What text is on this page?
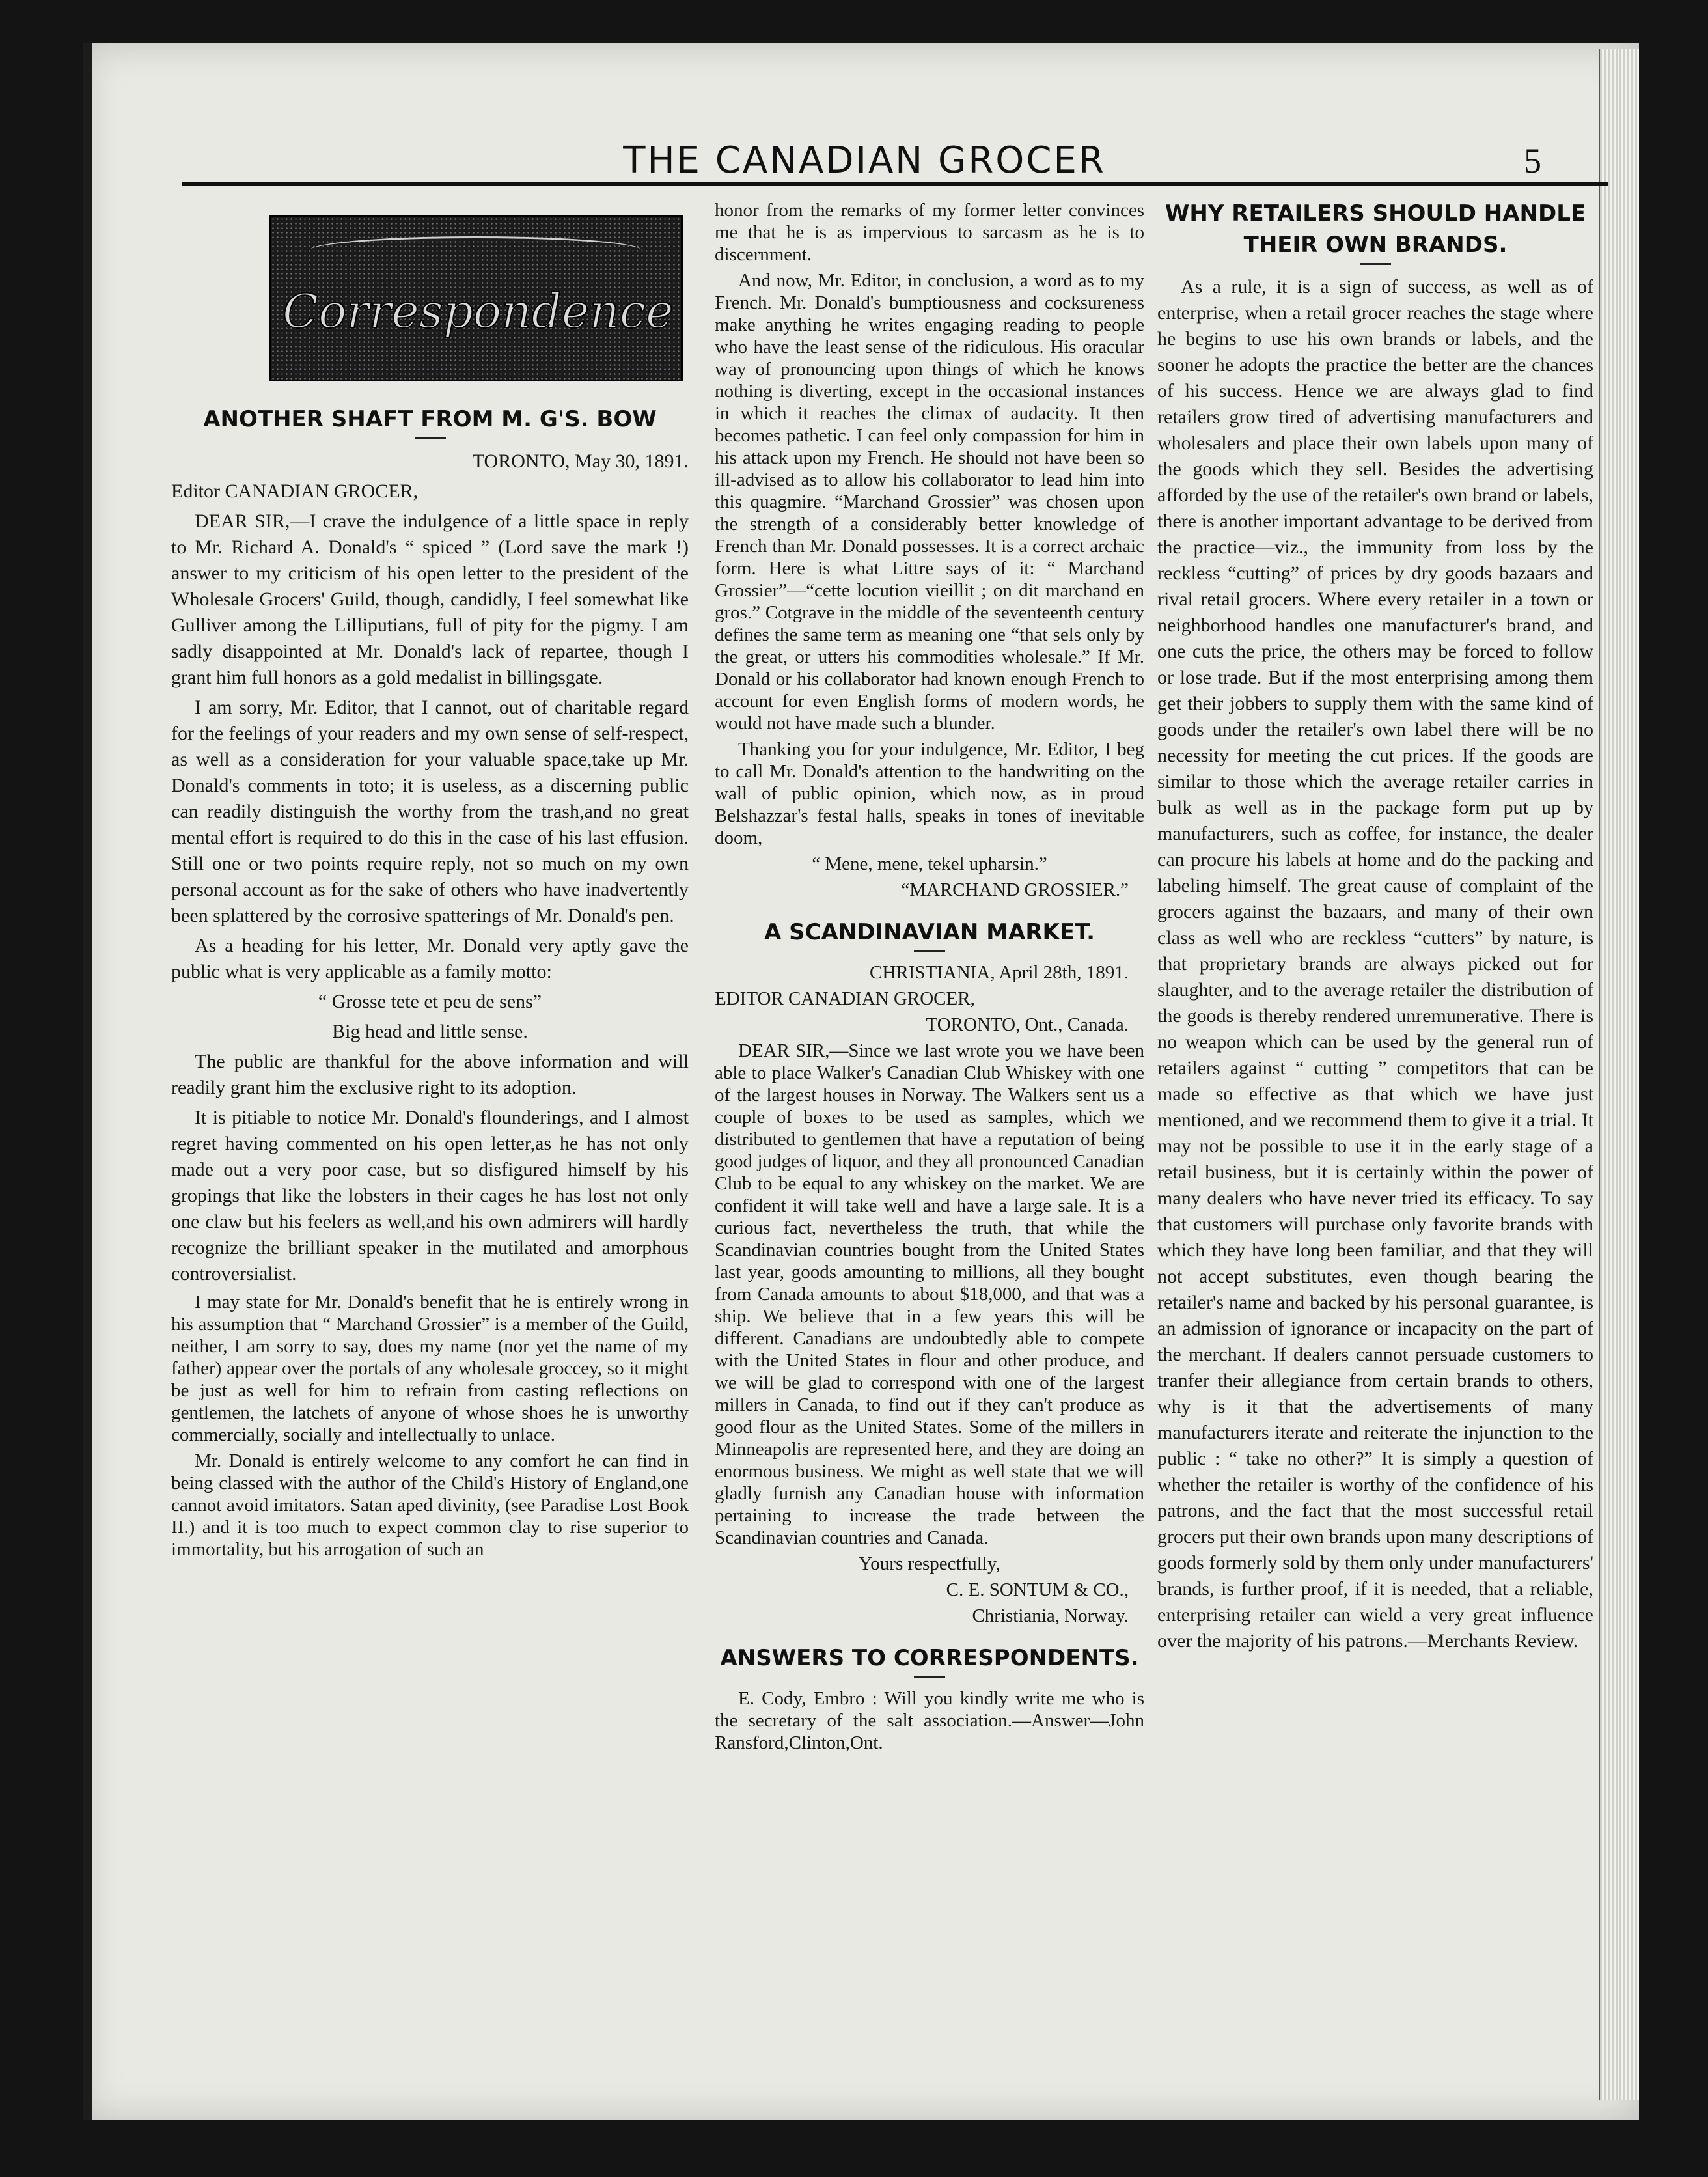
THE CANADIAN GROCER	5
Correspondence
ANOTHER SHAFT FROM M. G'S. BOW

TORONTO, May 30, 1891.

Editor CANADIAN GROCER,

DEAR SIR,—I crave the indulgence of a little space in reply to Mr. Richard A. Donald's “ spiced ” (Lord save the mark !) answer to my criticism of his open letter to the president of the Wholesale Grocers' Guild, though, candidly, I feel somewhat like Gulliver among the Lilliputians, full of pity for the pigmy. I am sadly disappointed at Mr. Donald's lack of repartee, though I grant him full honors as a gold medalist in billingsgate.

I am sorry, Mr. Editor, that I cannot, out of charitable regard for the feelings of your readers and my own sense of self-respect, as well as a consideration for your valuable space,take up Mr. Donald's comments in toto; it is useless, as a discerning public can readily distinguish the worthy from the trash,and no great mental effort is required to do this in the case of his last effusion. Still one or two points require reply, not so much on my own personal account as for the sake of others who have inadvertently been splattered by the corrosive spatterings of Mr. Donald's pen.

As a heading for his letter, Mr. Donald very aptly gave the public what is very applicable as a family motto:

“ Grosse tete et peu de sens”

Big head and little sense.

The public are thankful for the above information and will readily grant him the exclusive right to its adoption.

It is pitiable to notice Mr. Donald's flounderings, and I almost regret having commented on his open letter,as he has not only made out a very poor case, but so disfigured himself by his gropings that like the lobsters in their cages he has lost not only one claw but his feelers as well,and his own admirers will hardly recognize the brilliant speaker in the mutilated and amorphous controversialist.

I may state for Mr. Donald's benefit that he is entirely wrong in his assumption that “ Marchand Grossier” is a member of the Guild, neither, I am sorry to say, does my name (nor yet the name of my father) appear over the portals of any wholesale groccey, so it might be just as well for him to refrain from casting reflections on gentlemen, the latchets of anyone of whose shoes he is unworthy commercially, socially and intellectually to unlace.

Mr. Donald is entirely welcome to any comfort he can find in being classed with the author of the Child's History of England,one cannot avoid imitators. Satan aped divinity, (see Paradise Lost Book II.) and it is too much to expect common clay to rise superior to immortality, but his arrogation of such an

honor from the remarks of my former letter convinces me that he is as impervious to sarcasm as he is to discernment.

And now, Mr. Editor, in conclusion, a word as to my French. Mr. Donald's bumptiousness and cocksureness make anything he writes engaging reading to people who have the least sense of the ridiculous. His oracular way of pronouncing upon things of which he knows nothing is diverting, except in the occasional instances in which it reaches the climax of audacity. It then becomes pathetic. I can feel only compassion for him in his attack upon my French. He should not have been so ill-advised as to allow his collaborator to lead him into this quagmire. “Marchand Grossier” was chosen upon the strength of a considerably better knowledge of French than Mr. Donald possesses. It is a correct archaic form. Here is what Littre says of it: “ Marchand Grossier”—“cette locution vieillit ; on dit marchand en gros.” Cotgrave in the middle of the seventeenth century defines the same term as meaning one “that sels only by the great, or utters his commodities wholesale.” If Mr. Donald or his collaborator had known enough French to account for even English forms of modern words, he would not have made such a blunder.

Thanking you for your indulgence, Mr. Editor, I beg to call Mr. Donald's attention to the handwriting on the wall of public opinion, which now, as in proud Belshazzar's festal halls, speaks in tones of inevitable doom,

“ Mene, mene, tekel upharsin.”

“MARCHAND GROSSIER.”

A SCANDINAVIAN MARKET.

CHRISTIANIA, April 28th, 1891.

EDITOR CANADIAN GROCER,

TORONTO, Ont., Canada.

DEAR SIR,—Since we last wrote you we have been able to place Walker's Canadian Club Whiskey with one of the largest houses in Norway. The Walkers sent us a couple of boxes to be used as samples, which we distributed to gentlemen that have a reputation of being good judges of liquor, and they all pronounced Canadian Club to be equal to any whiskey on the market. We are confident it will take well and have a large sale. It is a curious fact, nevertheless the truth, that while the Scandinavian countries bought from the United States last year, goods amounting to millions, all they bought from Canada amounts to about $18,000, and that was a ship. We believe that in a few years this will be different. Canadians are undoubtedly able to compete with the United States in flour and other produce, and we will be glad to correspond with one of the largest millers in Canada, to find out if they can't produce as good flour as the United States. Some of the millers in Minneapolis are represented here, and they are doing an enormous business. We might as well state that we will gladly furnish any Canadian house with information pertaining to increase the trade between the Scandinavian countries and Canada.

Yours respectfully,

C. E. SONTUM & CO.,

Christiania, Norway.

ANSWERS TO CORRESPONDENTS.

E. Cody, Embro : Will you kindly write me who is the secretary of the salt association.—Answer—John Ransford,Clinton,Ont.

WHY RETAILERS SHOULD HANDLE
THEIR OWN BRANDS.

As a rule, it is a sign of success, as well as of enterprise, when a retail grocer reaches the stage where he begins to use his own brands or labels, and the sooner he adopts the practice the better are the chances of his success. Hence we are always glad to find retailers grow tired of advertising manufacturers and wholesalers and place their own labels upon many of the goods which they sell. Besides the advertising afforded by the use of the retailer's own brand or labels, there is another important advantage to be derived from the practice—viz., the immunity from loss by the reckless “cutting” of prices by dry goods bazaars and rival retail grocers. Where every retailer in a town or neighborhood handles one manufacturer's brand, and one cuts the price, the others may be forced to follow or lose trade. But if the most enterprising among them get their jobbers to supply them with the same kind of goods under the retailer's own label there will be no necessity for meeting the cut prices. If the goods are similar to those which the average retailer carries in bulk as well as in the package form put up by manufacturers, such as coffee, for instance, the dealer can procure his labels at home and do the packing and labeling himself. The great cause of complaint of the grocers against the bazaars, and many of their own class as well who are reckless “cutters” by nature, is that proprietary brands are always picked out for slaughter, and to the average retailer the distribution of the goods is thereby rendered unremunerative. There is no weapon which can be used by the general run of retailers against “ cutting ” competitors that can be made so effective as that which we have just mentioned, and we recommend them to give it a trial. It may not be possible to use it in the early stage of a retail business, but it is certainly within the power of many dealers who have never tried its efficacy. To say that customers will purchase only favorite brands with which they have long been familiar, and that they will not accept substitutes, even though bearing the retailer's name and backed by his personal guarantee, is an admission of ignorance or incapacity on the part of the merchant. If dealers cannot persuade customers to tranfer their allegiance from certain brands to others, why is it that the advertisements of many manufacturers iterate and reiterate the injunction to the public : “ take no other?” It is simply a question of whether the retailer is worthy of the confidence of his patrons, and the fact that the most successful retail grocers put their own brands upon many descriptions of goods formerly sold by them only under manufacturers' brands, is further proof, if it is needed, that a reliable, enterprising retailer can wield a very great influence over the majority of his patrons.—Merchants Review.
